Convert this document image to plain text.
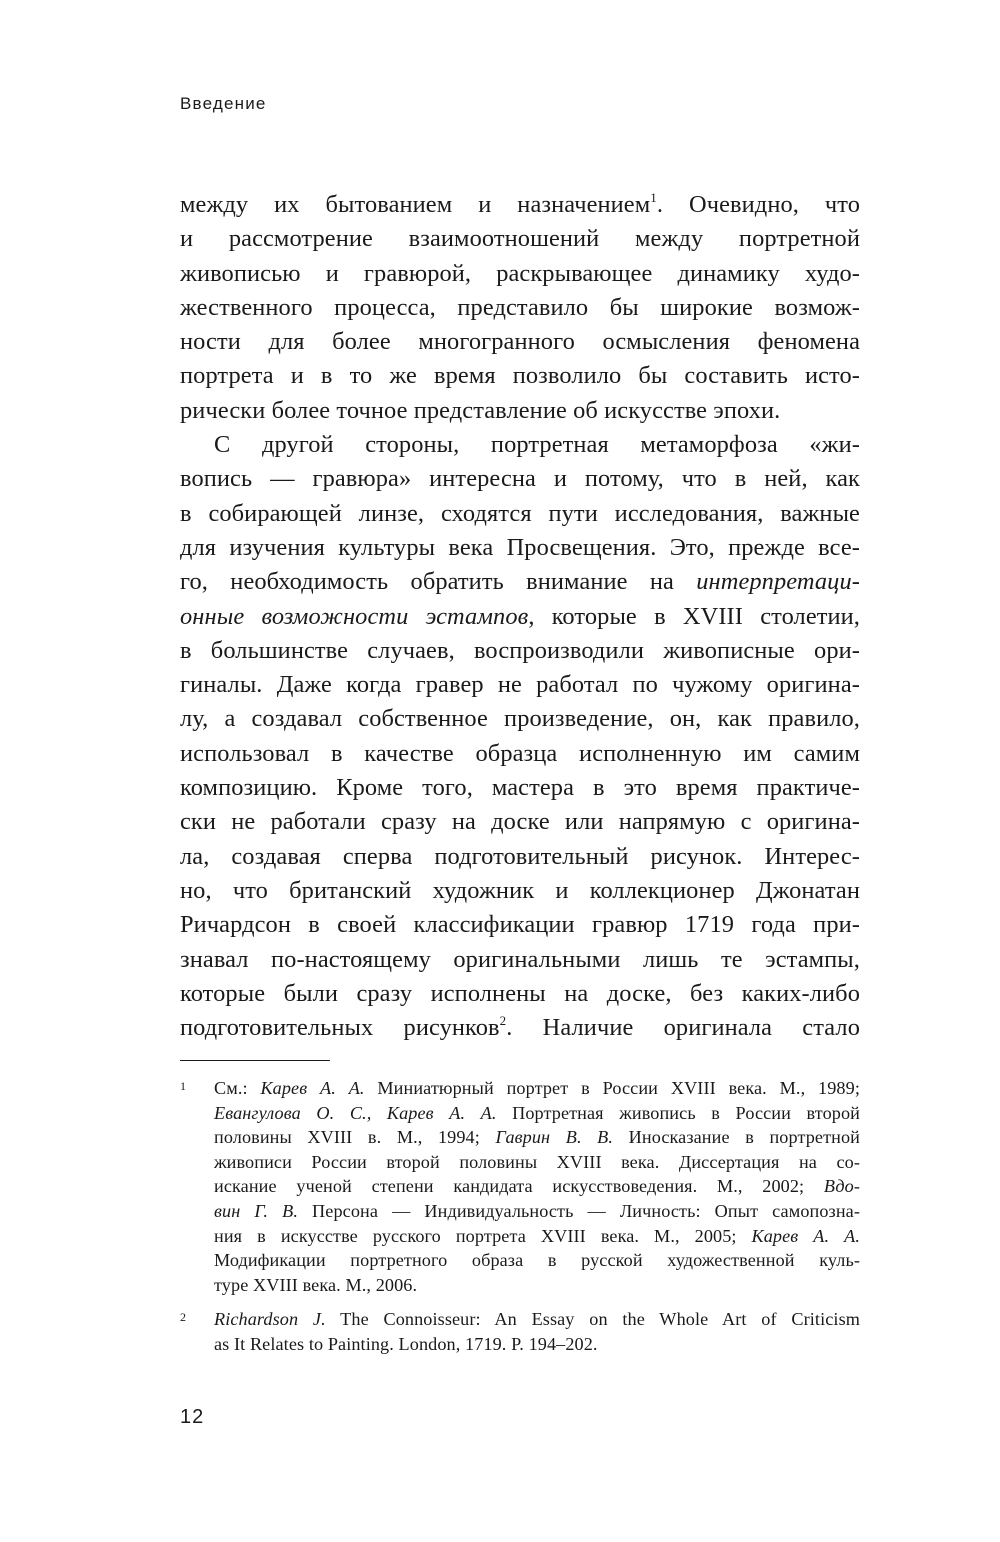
Введение
между их бытованием и назначением$^1$. Очевидно, что
и рассмотрение взаимоотношений между портретной
живописью и гравюрой, раскрывающее динамику худо-
жественного процесса, представило бы широкие возмож-
ности для более многогранного осмысления феномена
портрета и в то же время позволило бы составить исто-
рически более точное представление об искусстве эпохи.
С другой стороны, портретная метаморфоза «жи-
вопись — гравюра» интересна и потому, что в ней, как
в собирающей линзе, сходятся пути исследования, важные
для изучения культуры века Просвещения. Это, прежде все-
го, необходимость обратить внимание на интерпретаци-
онные возможности эстампов, которые в XVIII столетии,
в большинстве случаев, воспроизводили живописные ори-
гиналы. Даже когда гравер не работал по чужому оригина-
лу, а создавал собственное произведение, он, как правило,
использовал в качестве образца исполненную им самим
композицию. Кроме того, мастера в это время практиче-
ски не работали сразу на доске или напрямую с оригина-
ла, создавая сперва подготовительный рисунок. Интерес-
но, что британский художник и коллекционер Джонатан
Ричардсон в своей классификации гравюр 1719 года при-
знавал по-настоящему оригинальными лишь те эстампы,
которые были сразу исполнены на доске, без каких-либо
подготовительных рисунков$^2$. Наличие оригинала стало
1 См.: Карев А. А. Миниатюрный портрет в России XVIII века. М., 1989;
Евангулова О. С., Карев А. А. Портретная живопись в России второй
половины XVIII в. М., 1994; Гаврин В. В. Иносказание в портретной
живописи России второй половины XVIII века. Диссертация на со-
искание ученой степени кандидата искусствоведения. М., 2002; Вдо-
вин Г. В. Персона — Индивидуальность — Личность: Опыт самопозна-
ния в искусстве русского портрета XVIII века. М., 2005; Карев А. А.
Модификации портретного образа в русской художественной куль-
туре XVIII века. М., 2006.
2 Richardson J. The Connoisseur: An Essay on the Whole Art of Criticism
as It Relates to Painting. London, 1719. P. 194–202.
12
